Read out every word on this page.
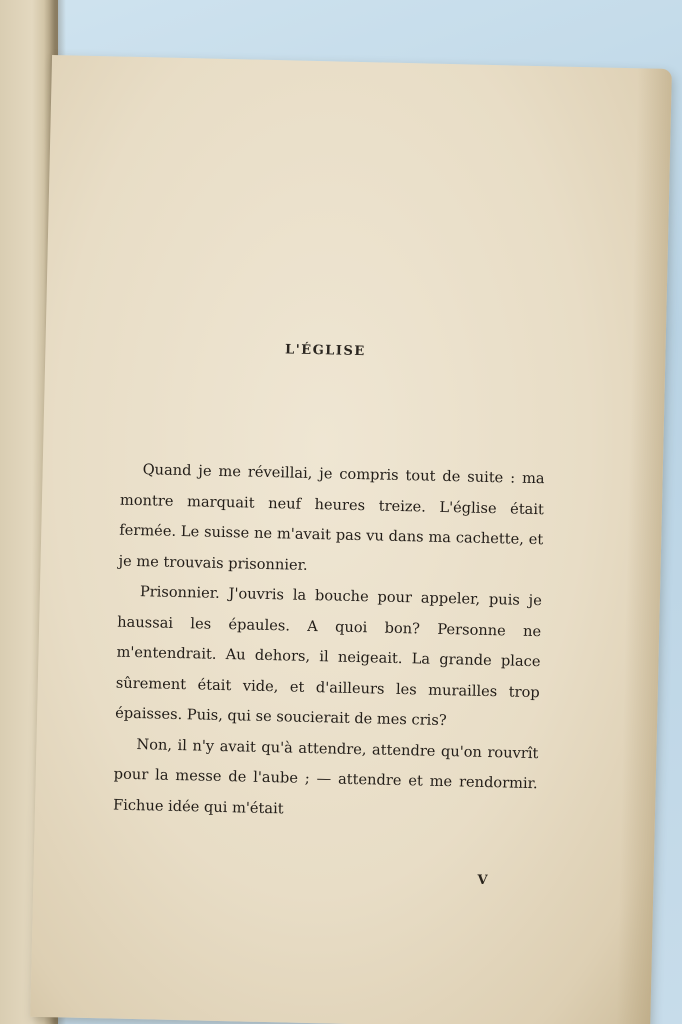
L'ÉGLISE

Quand je me réveillai, je compris tout de suite : ma montre marquait neuf heures treize. L'église était fermée. Le suisse ne m'avait pas vu dans ma cachette, et je me trouvais prisonnier.

Prisonnier. J'ouvris la bouche pour appeler, puis je haussai les épaules. A quoi bon? Personne ne m'entendrait. Au dehors, il neigeait. La grande place sûrement était vide, et d'ailleurs les murailles trop épaisses. Puis, qui se soucierait de mes cris?

Non, il n'y avait qu'à attendre, attendre qu'on rouvrît pour la messe de l'aube ; — attendre et me rendormir. Fichue idée qui m'était

V
